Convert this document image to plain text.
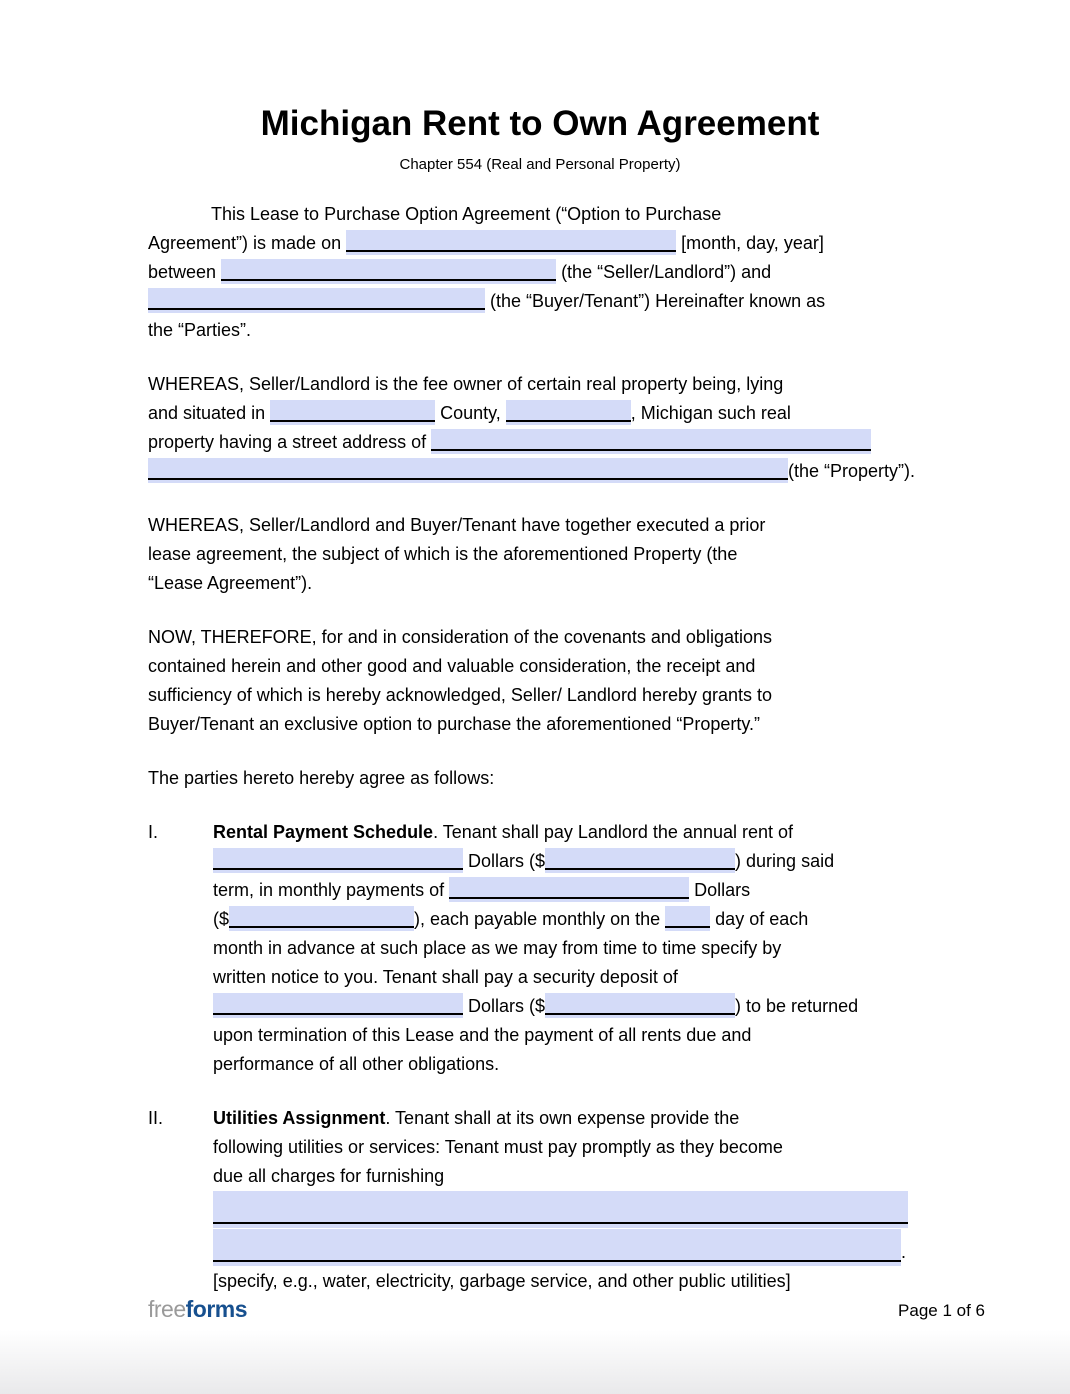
Michigan Rent to Own Agreement
Chapter 554 (Real and Personal Property)
This Lease to Purchase Option Agreement (“Option to Purchase
Agreement”) is made on	[month, day, year]
between	(the “Seller/Landlord”) and
(the “Buyer/Tenant”) Hereinafter known as
the “Parties”.
WHEREAS, Seller/Landlord is the fee owner of certain real property being, lying
and situated in	County,	, Michigan such real
property having a street address of
(the “Property”).
WHEREAS, Seller/Landlord and Buyer/Tenant have together executed a prior
lease agreement, the subject of which is the aforementioned Property (the
“Lease Agreement”).
NOW, THEREFORE, for and in consideration of the covenants and obligations
contained herein and other good and valuable consideration, the receipt and
sufficiency of which is hereby acknowledged, Seller/ Landlord hereby grants to
Buyer/Tenant an exclusive option to purchase the aforementioned “Property.”
The parties hereto hereby agree as follows:
I.	Rental Payment Schedule. Tenant shall pay Landlord the annual rent of
Dollars ($	) during said
term, in monthly payments of	Dollars
($	), each payable monthly on the	day of each
month in advance at such place as we may from time to time specify by
written notice to you. Tenant shall pay a security deposit of
Dollars ($	) to be returned
upon termination of this Lease and the payment of all rents due and
performance of all other obligations.
II.	Utilities Assignment. Tenant shall at its own expense provide the
following utilities or services: Tenant must pay promptly as they become
due all charges for furnishing
.
[specify, e.g., water, electricity, garbage service, and other public utilities]
freeforms	Page 1 of 6
